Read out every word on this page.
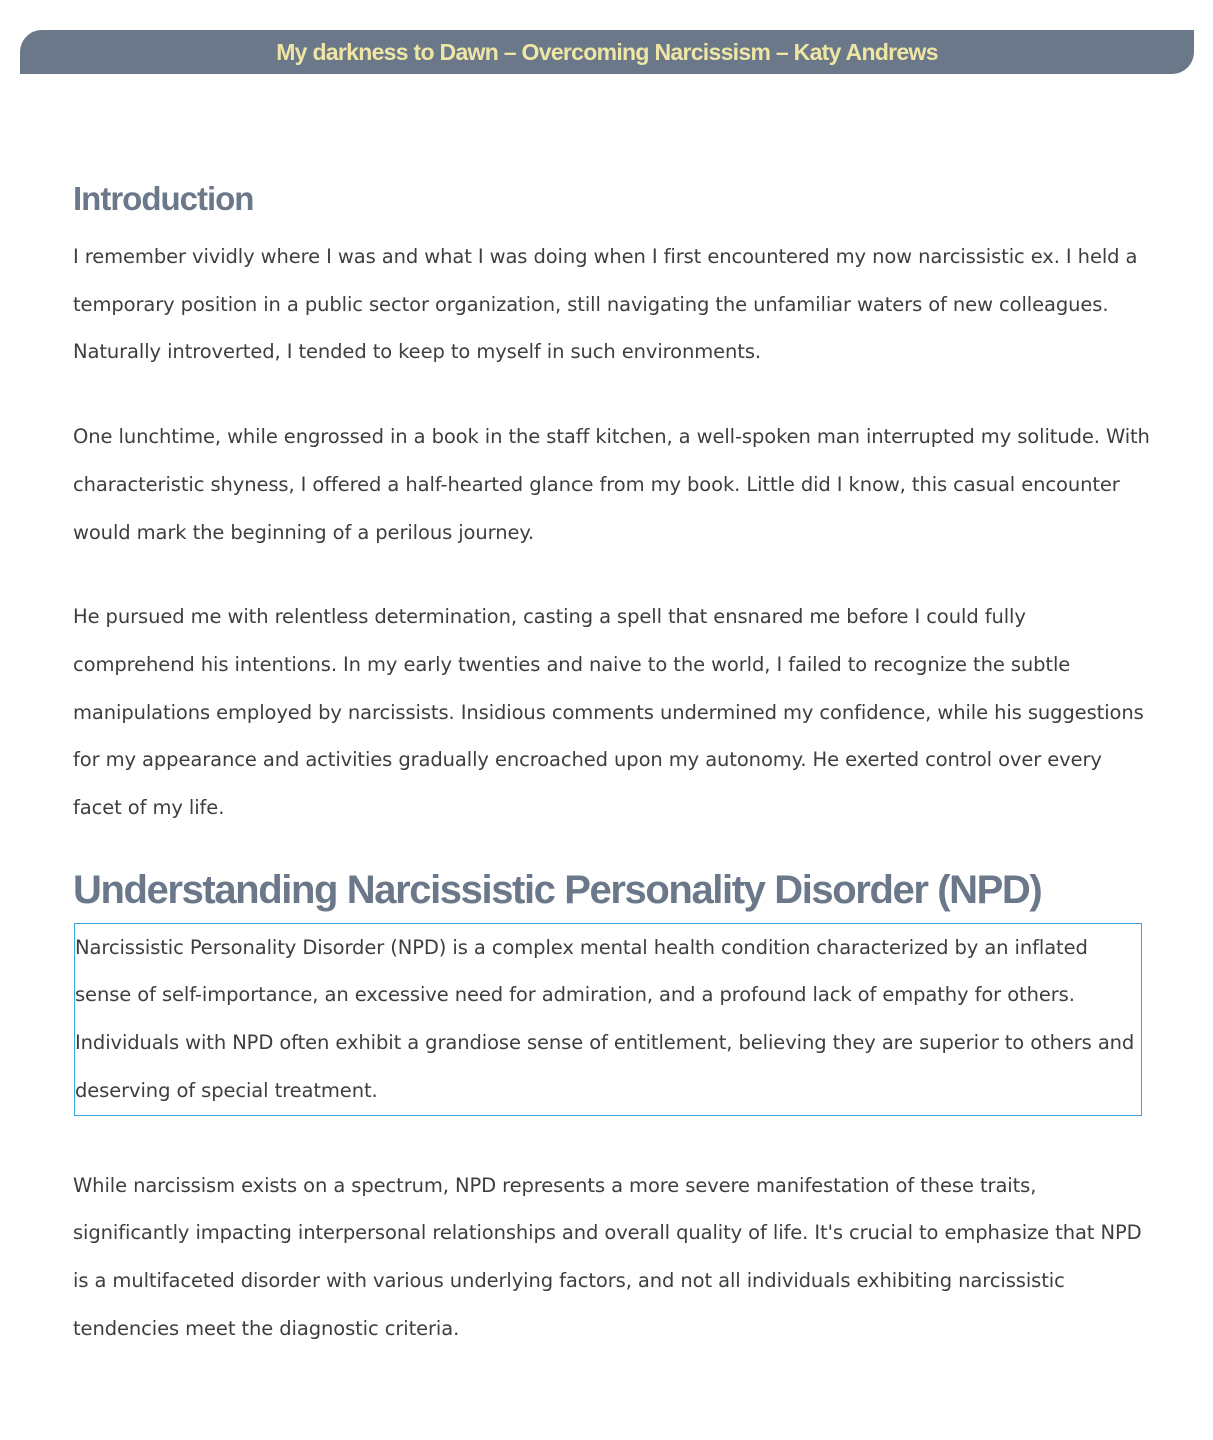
My darkness to Dawn – Overcoming Narcissism – Katy Andrews
Introduction

I remember vividly where I was and what I was doing when I first encountered my now narcissistic ex. I held a temporary position in a public sector organization, still navigating the unfamiliar waters of new colleagues. Naturally introverted, I tended to keep to myself in such environments.

One lunchtime, while engrossed in a book in the staff kitchen, a well-spoken man interrupted my solitude. With characteristic shyness, I offered a half-hearted glance from my book. Little did I know, this casual encounter would mark the beginning of a perilous journey.

He pursued me with relentless determination, casting a spell that ensnared me before I could fully comprehend his intentions. In my early twenties and naive to the world, I failed to recognize the subtle manipulations employed by narcissists. Insidious comments undermined my confidence, while his suggestions for my appearance and activities gradually encroached upon my autonomy. He exerted control over every facet of my life.

Understanding Narcissistic Personality Disorder (NPD)

Narcissistic Personality Disorder (NPD) is a complex mental health condition characterized by an inflated sense of self-importance, an excessive need for admiration, and a profound lack of empathy for others. Individuals with NPD often exhibit a grandiose sense of entitlement, believing they are superior to others and deserving of special treatment.

While narcissism exists on a spectrum, NPD represents a more severe manifestation of these traits, significantly impacting interpersonal relationships and overall quality of life. It's crucial to emphasize that NPD is a multifaceted disorder with various underlying factors, and not all individuals exhibiting narcissistic tendencies meet the diagnostic criteria.
